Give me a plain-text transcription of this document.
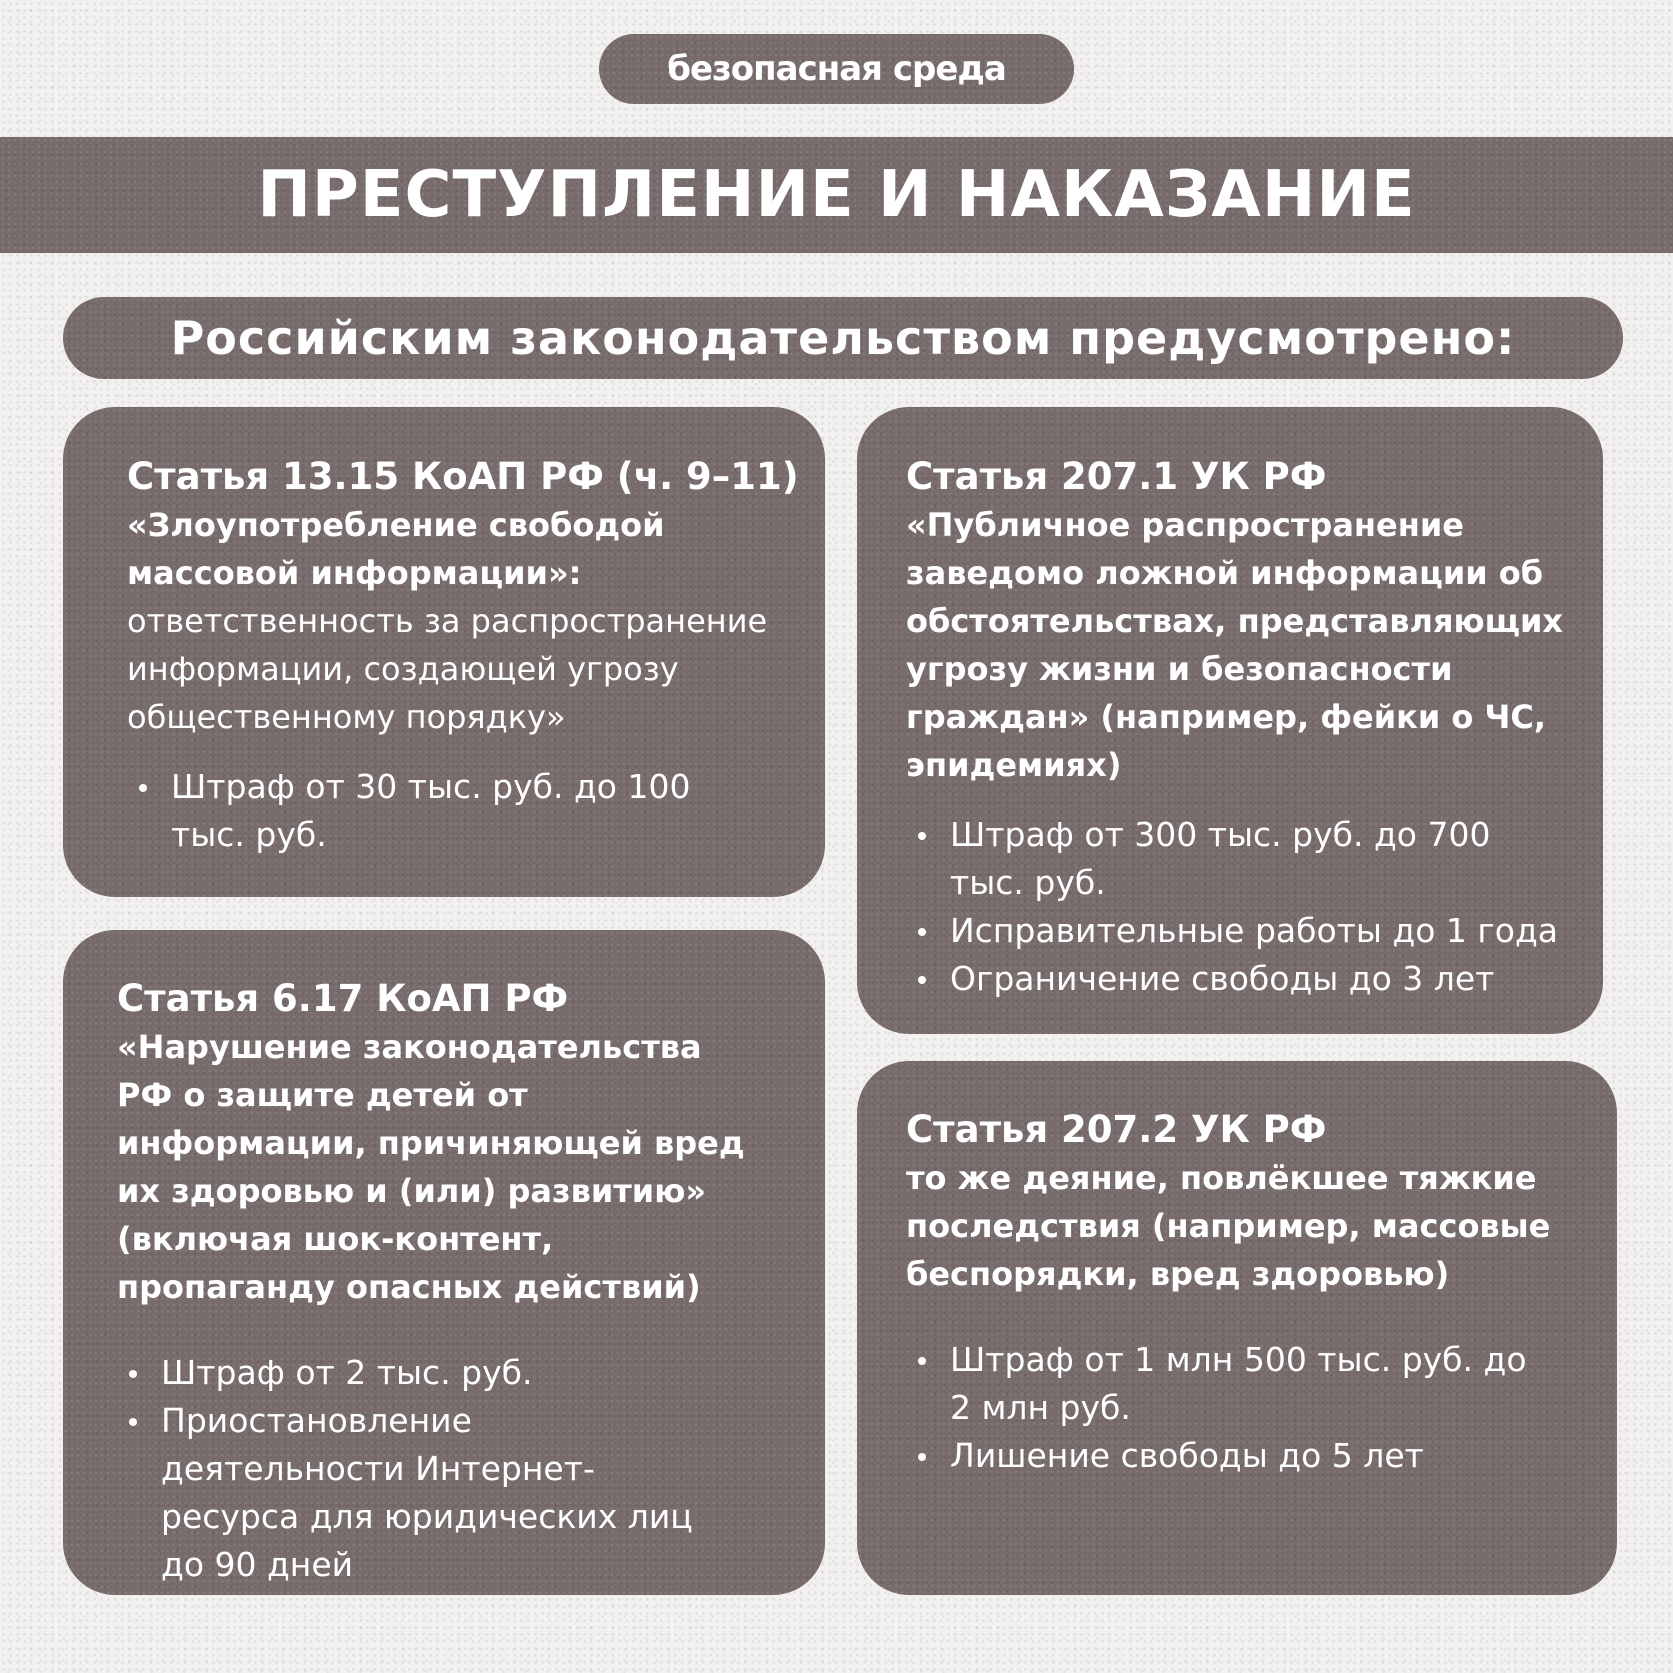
безопасная среда
ПРЕСТУПЛЕНИЕ И НАКАЗАНИЕ
Российским законодательством предусмотрено:

Статья 13.15 КоАП РФ (ч. 9–11)

«Злоупотребление свободой массовой информации»:

ответственность за распространение информации, создающей угрозу общественному порядку»

Штраф от 30 тыс. руб. до 100 тыс. руб.

Статья 207.1 УК РФ

«Публичное распространение заведомо ложной информации об обстоятельствах, представляющих угрозу жизни и безопасности граждан» (например, фейки о ЧС, эпидемиях)

Штраф от 300 тыс. руб. до 700 тыс. руб.
Исправительные работы до 1 года
Ограничение свободы до 3 лет

Статья 6.17 КоАП РФ

«Нарушение законодательства РФ о защите детей от информации, причиняющей вред их здоровью и (или) развитию» (включая шок-контент, пропаганду опасных действий)

Штраф от 2 тыс. руб.
Приостановление деятельности Интернет-ресурса для юридических лиц до 90 дней

Статья 207.2 УК РФ

то же деяние, повлёкшее тяжкие последствия (например, массовые беспорядки, вред здоровью)

Штраф от 1 млн 500 тыс. руб. до 2 млн руб.
Лишение свободы до 5 лет
